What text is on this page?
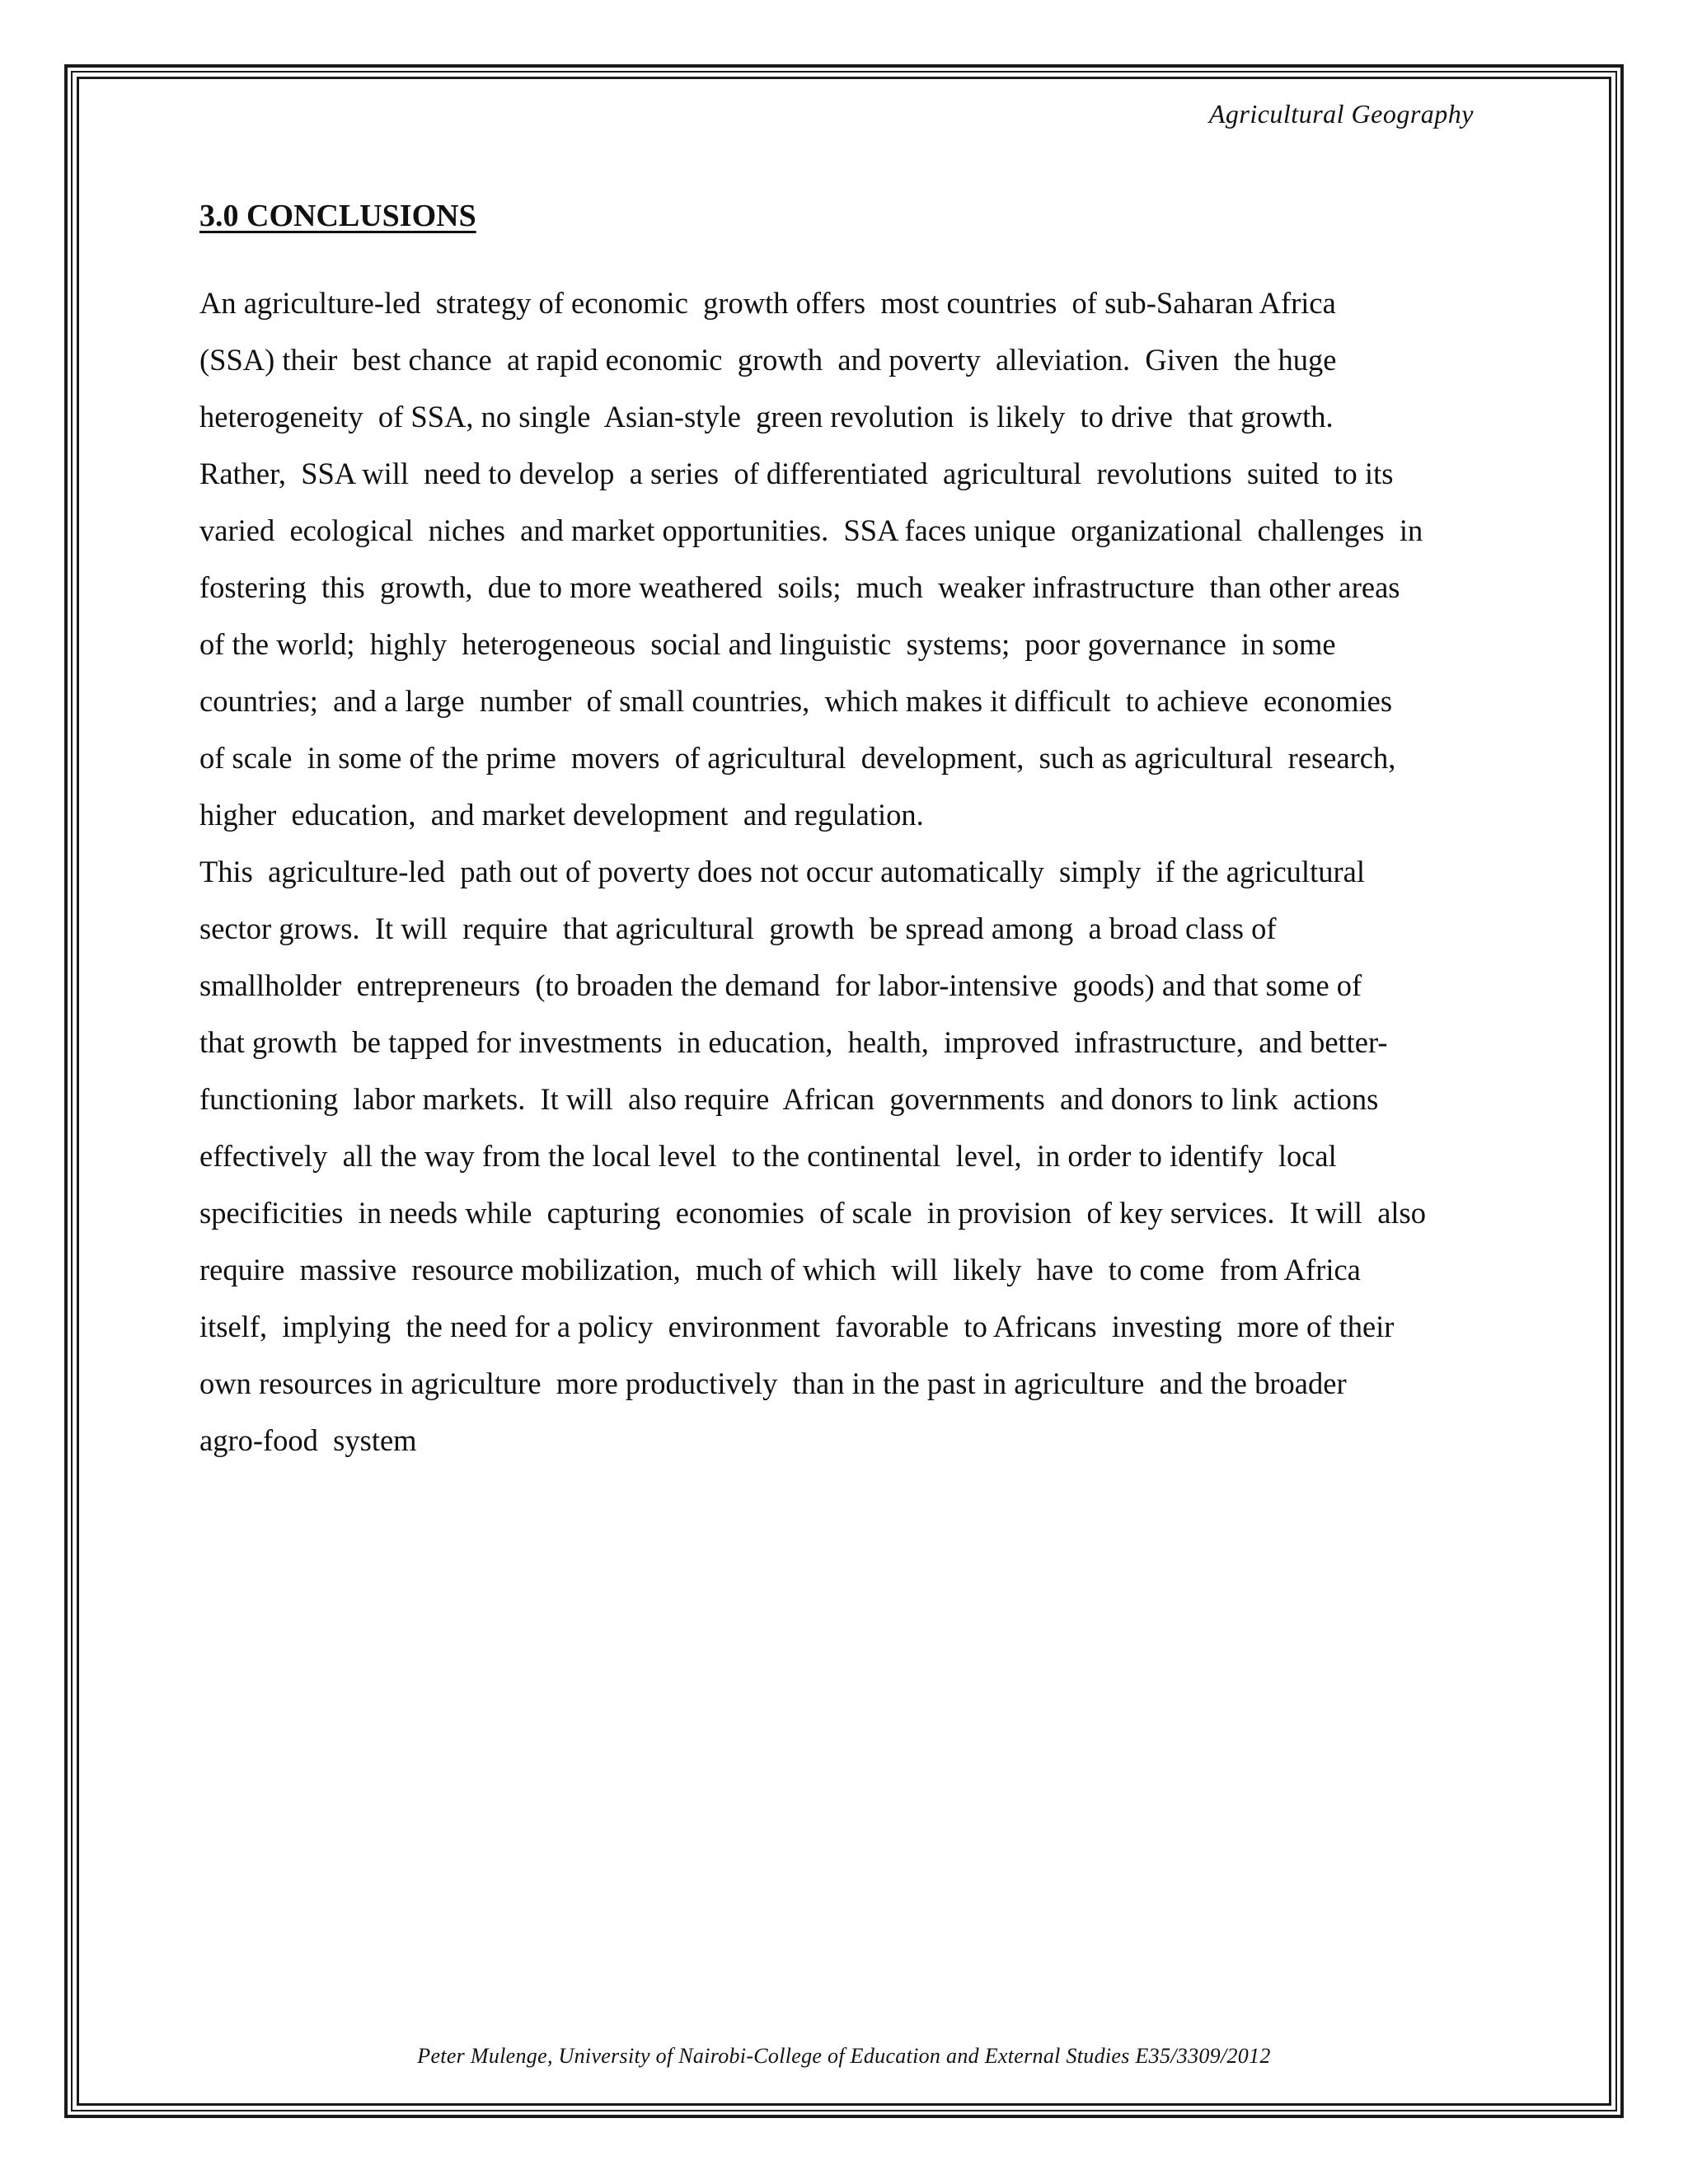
Agricultural Geography
3.0 CONCLUSIONS
An agriculture-led  strategy of economic  growth offers  most countries  of sub-Saharan Africa
(SSA) their  best chance  at rapid economic  growth  and poverty  alleviation.  Given  the huge
heterogeneity  of SSA, no single  Asian-style  green revolution  is likely  to drive  that growth.
Rather,  SSA will  need to develop  a series  of differentiated  agricultural  revolutions  suited  to its
varied  ecological  niches  and market opportunities.  SSA faces unique  organizational  challenges  in
fostering  this  growth,  due to more weathered  soils;  much  weaker infrastructure  than other areas
of the world;  highly  heterogeneous  social and linguistic  systems;  poor governance  in some
countries;  and a large  number  of small countries,  which makes it difficult  to achieve  economies
of scale  in some of the prime  movers  of agricultural  development,  such as agricultural  research,
higher  education,  and market development  and regulation.
This  agriculture-led  path out of poverty does not occur automatically  simply  if the agricultural
sector grows.  It will  require  that agricultural  growth  be spread among  a broad class of
smallholder  entrepreneurs  (to broaden the demand  for labor-intensive  goods) and that some of
that growth  be tapped for investments  in education,  health,  improved  infrastructure,  and better-
functioning  labor markets.  It will  also require  African  governments  and donors to link  actions
effectively  all the way from the local level  to the continental  level,  in order to identify  local
specificities  in needs while  capturing  economies  of scale  in provision  of key services.  It will  also
require  massive  resource mobilization,  much of which  will  likely  have  to come  from Africa
itself,  implying  the need for a policy  environment  favorable  to Africans  investing  more of their
own resources in agriculture  more productively  than in the past in agriculture  and the broader
agro-food  system
Peter Mulenge, University of Nairobi-College of Education and External Studies E35/3309/2012
